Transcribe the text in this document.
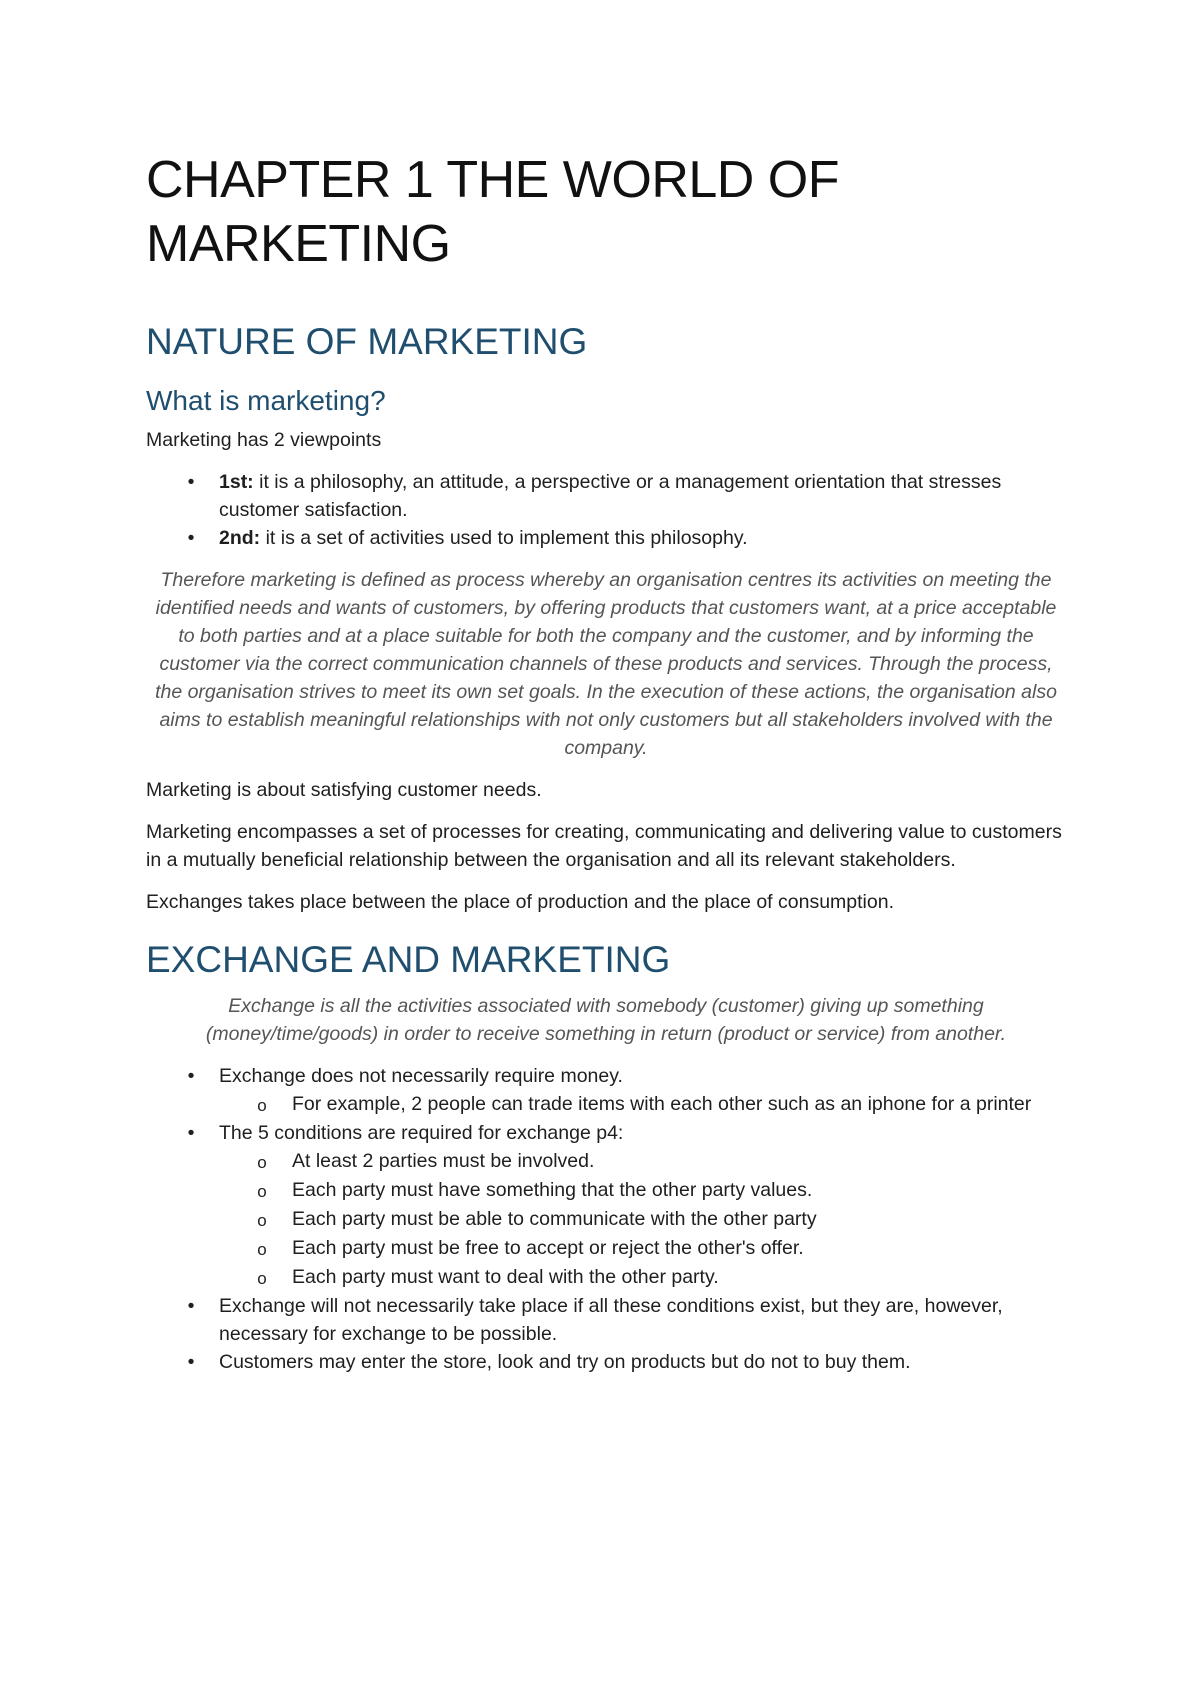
CHAPTER 1 THE WORLD OF MARKETING
NATURE OF MARKETING
What is marketing?

Marketing has 2 viewpoints

• 1st: it is a philosophy, an attitude, a perspective or a management orientation that stresses customer satisfaction.
• 2nd: it is a set of activities used to implement this philosophy.

Therefore marketing is defined as process whereby an organisation centres its activities on meeting the identified needs and wants of customers, by offering products that customers want, at a price acceptable to both parties and at a place suitable for both the company and the customer, and by informing the customer via the correct communication channels of these products and services. Through the process, the organisation strives to meet its own set goals. In the execution of these actions, the organisation also aims to establish meaningful relationships with not only customers but all stakeholders involved with the company.

Marketing is about satisfying customer needs.

Marketing encompasses a set of processes for creating, communicating and delivering value to customers in a mutually beneficial relationship between the organisation and all its relevant stakeholders.

Exchanges takes place between the place of production and the place of consumption.

EXCHANGE AND MARKETING

Exchange is all the activities associated with somebody (customer) giving up something (money/time/goods) in order to receive something in return (product or service) from another.

• Exchange does not necessarily require money.
o For example, 2 people can trade items with each other such as an iphone for a printer
• The 5 conditions are required for exchange p4:
o At least 2 parties must be involved.
o Each party must have something that the other party values.
o Each party must be able to communicate with the other party
o Each party must be free to accept or reject the other's offer.
o Each party must want to deal with the other party.
• Exchange will not necessarily take place if all these conditions exist, but they are, however, necessary for exchange to be possible.
• Customers may enter the store, look and try on products but do not to buy them.
